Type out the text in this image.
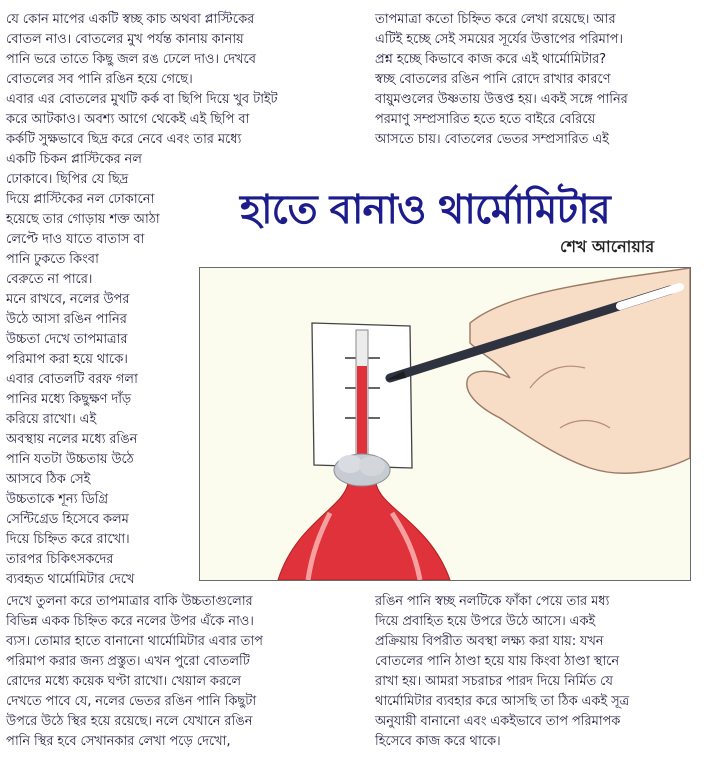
হাতে বানাও থার্মোমিটার
শেখ আনোয়ার
যে কোন মাপের একটি স্বচ্ছ কাচ অথবা প্লাস্টিকের
বোতল নাও। বোতলের মুখ পর্যন্ত কানায় কানায়
পানি ভরে তাতে কিছু জল রঙ ঢেলে দাও। দেখবে
বোতলের সব পানি রঙিন হয়ে গেছে।
এবার এর বোতলের মুখটি কর্ক বা ছিপি দিয়ে খুব টাইট
করে আটকাও। অবশ্য আগে থেকেই এই ছিপি বা
কর্কটি সুক্ষভাবে ছিদ্র করে নেবে এবং তার মধ্যে
একটি চিকন প্লাস্টিকের নল
তাপমাত্রা কতো চিহ্নিত করে লেখা রয়েছে। আর
এটিই হচ্ছে সেই সময়ের সূর্যের উত্তাপের পরিমাপ।
প্রশ্ন হচ্ছে কিভাবে কাজ করে এই থার্মোমিটার?
স্বচ্ছ বোতলের রঙিন পানি রোদে রাখার কারণে
বায়ুমণ্ডলের উষ্ণতায় উত্তপ্ত হয়। একই সঙ্গে পানির
পরমাণু সম্প্রসারিত হতে হতে বাইরে বেরিয়ে
আসতে চায়। বোতলের ভেতর সম্প্রসারিত এই
ঢোকাবে। ছিপির যে ছিদ্র
দিয়ে প্লাস্টিকের নল ঢোকানো
হয়েছে তার গোড়ায় শক্ত আঠা
লেপ্টে দাও যাতে বাতাস বা
পানি ঢুকতে কিংবা
বেরুতে না পারে।
মনে রাখবে, নলের উপর
উঠে আসা রঙিন পানির
উচ্চতা দেখে তাপমাত্রার
পরিমাপ করা হয়ে থাকে।
এবার বোতলটি বরফ গলা
পানির মধ্যে কিছুক্ষণ দাঁড়
করিয়ে রাখো। এই
অবস্থায় নলের মধ্যে রঙিন
পানি যতটা উচ্চতায় উঠে
আসবে ঠিক সেই
উচ্চতাকে শূন্য ডিগ্রি
সেন্টিগ্রেড হিসেবে কলম
দিয়ে চিহ্নিত করে রাখো।
তারপর চিকিৎসকদের
ব্যবহৃত থার্মোমিটার দেখে
দেখে তুলনা করে তাপমাত্রার বাকি উচ্চতাগুলোর
বিভিন্ন একক চিহ্নিত করে নলের উপর এঁকে নাও।
ব্যস। তোমার হাতে বানানো থার্মোমিটার এবার তাপ
পরিমাপ করার জন্য প্রস্তুত। এখন পুরো বোতলটি
রোদের মধ্যে কয়েক ঘণ্টা রাখো। খেয়াল করলে
দেখতে পাবে যে, নলের ভেতর রঙিন পানি কিছুটা
উপরে উঠে স্থির হয়ে রয়েছে। নলে যেখানে রঙিন
পানি স্থির হবে সেখানকার লেখা পড়ে দেখো,
রঙিন পানি স্বচ্ছ নলটিকে ফাঁকা পেয়ে তার মধ্য
দিয়ে প্রবাহিত হয়ে উপরে উঠে আসে। একই
প্রক্রিয়ায় বিপরীত অবস্থা লক্ষ্য করা যায়: যখন
বোতলের পানি ঠাণ্ডা হয়ে যায় কিংবা ঠাণ্ডা স্থানে
রাখা হয়। আমরা সচরাচর পারদ দিয়ে নির্মিত যে
থার্মোমিটার ব্যবহার করে আসছি তা ঠিক একই সূত্র
অনুযায়ী বানানো এবং একইভাবে তাপ পরিমাপক
হিসেবে কাজ করে থাকে।
